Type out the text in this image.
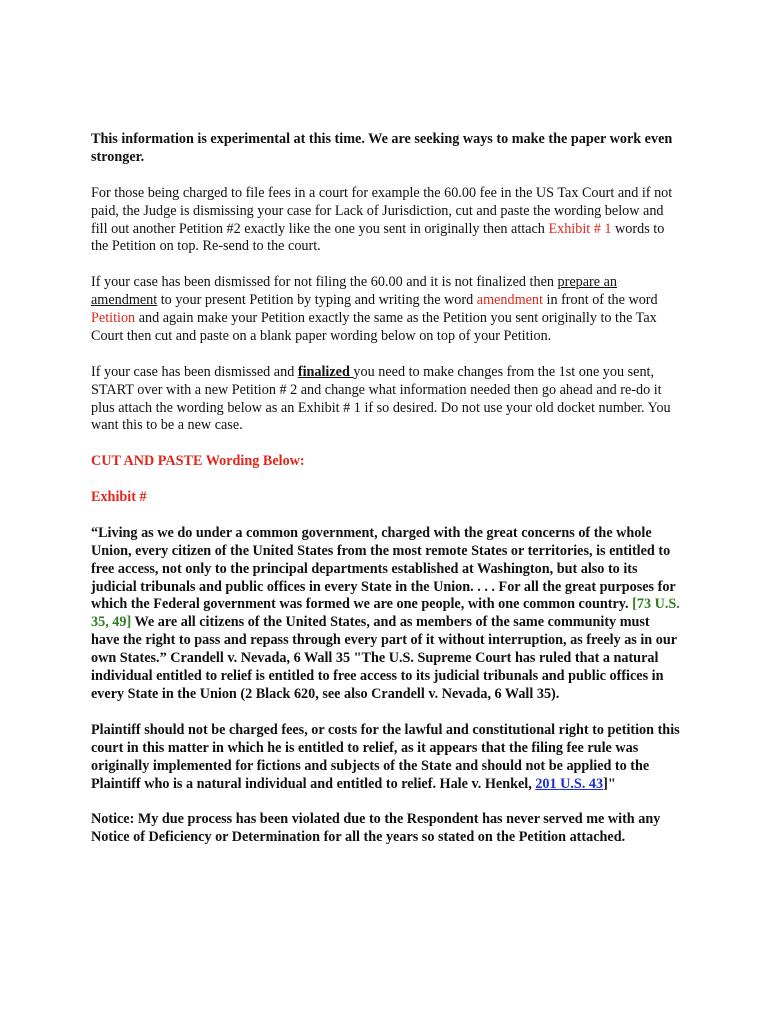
This information is experimental at this time. We are seeking ways to make the paper work even stronger.

For those being charged to file fees in a court for example the 60.00 fee in the US Tax Court and if not paid, the Judge is dismissing your case for Lack of Jurisdiction, cut and paste the wording below and fill out another Petition #2 exactly like the one you sent in originally then attach Exhibit # 1 words to the Petition on top. Re-send to the court.

If your case has been dismissed for not filing the 60.00 and it is not finalized then prepare an amendment to your present Petition by typing and writing the word amendment in front of the word Petition and again make your Petition exactly the same as the Petition you sent originally to the Tax Court then cut and paste on a blank paper wording below on top of your Petition.

If your case has been dismissed and finalized you need to make changes from the 1st one you sent, START over with a new Petition # 2 and change what information needed then go ahead and re-do it plus attach the wording below as an Exhibit # 1 if so desired. Do not use your old docket number. You want this to be a new case.

CUT AND PASTE Wording Below:

Exhibit #

“Living as we do under a common government, charged with the great concerns of the whole Union, every citizen of the United States from the most remote States or territories, is entitled to free access, not only to the principal departments established at Washington, but also to its judicial tribunals and public offices in every State in the Union. . . . For all the great purposes for which the Federal government was formed we are one people, with one common country. [73 U.S. 35, 49] We are all citizens of the United States, and as members of the same community must have the right to pass and repass through every part of it without interruption, as freely as in our own States.” Crandell v. Nevada, 6 Wall 35 "The U.S. Supreme Court has ruled that a natural individual entitled to relief is entitled to free access to its judicial tribunals and public offices in every State in the Union (2 Black 620, see also Crandell v. Nevada, 6 Wall 35).

Plaintiff should not be charged fees, or costs for the lawful and constitutional right to petition this court in this matter in which he is entitled to relief, as it appears that the filing fee rule was originally implemented for fictions and subjects of the State and should not be applied to the Plaintiff who is a natural individual and entitled to relief. Hale v. Henkel, 201 U.S. 43]"

Notice: My due process has been violated due to the Respondent has never served me with any Notice of Deficiency or Determination for all the years so stated on the Petition attached.
